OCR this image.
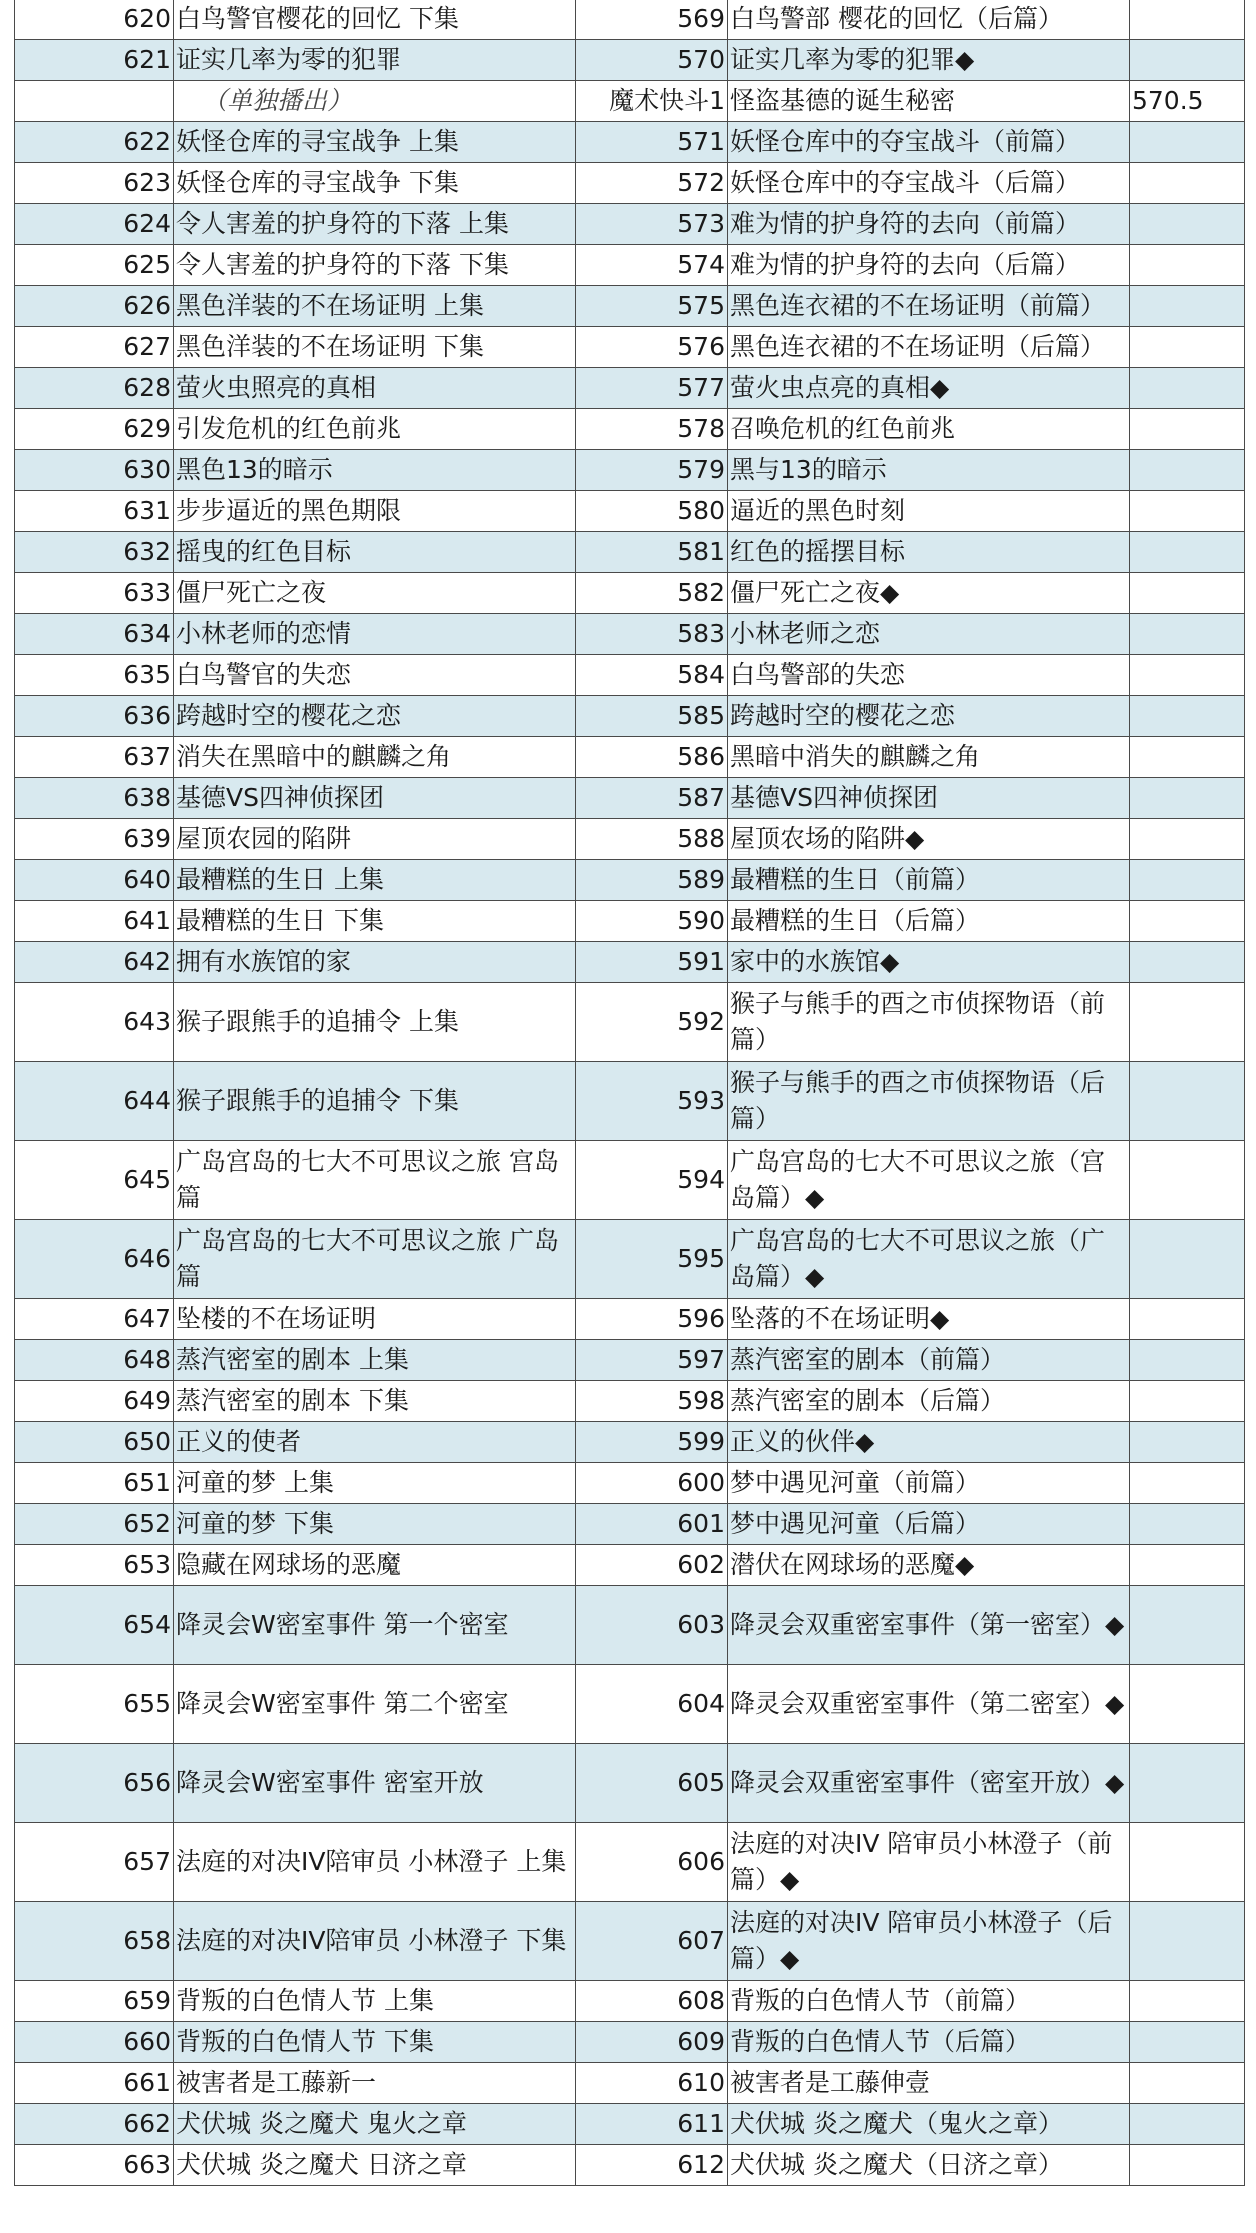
620	白鸟警官樱花的回忆 下集	569	白鸟警部 樱花的回忆（后篇）	
621	证实几率为零的犯罪	570	证实几率为零的犯罪◆	
	（单独播出）	魔术快斗1	怪盗基德的诞生秘密	570.5
622	妖怪仓库的寻宝战争 上集	571	妖怪仓库中的夺宝战斗（前篇）	
623	妖怪仓库的寻宝战争 下集	572	妖怪仓库中的夺宝战斗（后篇）	
624	令人害羞的护身符的下落 上集	573	难为情的护身符的去向（前篇）	
625	令人害羞的护身符的下落 下集	574	难为情的护身符的去向（后篇）	
626	黑色洋装的不在场证明 上集	575	黑色连衣裙的不在场证明（前篇）	
627	黑色洋装的不在场证明 下集	576	黑色连衣裙的不在场证明（后篇）	
628	萤火虫照亮的真相	577	萤火虫点亮的真相◆	
629	引发危机的红色前兆	578	召唤危机的红色前兆	
630	黑色13的暗示	579	黑与13的暗示	
631	步步逼近的黑色期限	580	逼近的黑色时刻	
632	摇曳的红色目标	581	红色的摇摆目标	
633	僵尸死亡之夜	582	僵尸死亡之夜◆	
634	小林老师的恋情	583	小林老师之恋	
635	白鸟警官的失恋	584	白鸟警部的失恋	
636	跨越时空的樱花之恋	585	跨越时空的樱花之恋	
637	消失在黑暗中的麒麟之角	586	黑暗中消失的麒麟之角	
638	基德VS四神侦探团	587	基德VS四神侦探团	
639	屋顶农园的陷阱	588	屋顶农场的陷阱◆	
640	最糟糕的生日 上集	589	最糟糕的生日（前篇）	
641	最糟糕的生日 下集	590	最糟糕的生日（后篇）	
642	拥有水族馆的家	591	家中的水族馆◆	
643	猴子跟熊手的追捕令 上集	592	猴子与熊手的酉之市侦探物语（前篇）	
644	猴子跟熊手的追捕令 下集	593	猴子与熊手的酉之市侦探物语（后篇）	
645	广岛宫岛的七大不可思议之旅 宫岛篇	594	广岛宫岛的七大不可思议之旅（宫岛篇）◆	
646	广岛宫岛的七大不可思议之旅 广岛篇	595	广岛宫岛的七大不可思议之旅（广岛篇）◆	
647	坠楼的不在场证明	596	坠落的不在场证明◆	
648	蒸汽密室的剧本 上集	597	蒸汽密室的剧本（前篇）	
649	蒸汽密室的剧本 下集	598	蒸汽密室的剧本（后篇）	
650	正义的使者	599	正义的伙伴◆	
651	河童的梦 上集	600	梦中遇见河童（前篇）	
652	河童的梦 下集	601	梦中遇见河童（后篇）	
653	隐藏在网球场的恶魔	602	潜伏在网球场的恶魔◆	
654	降灵会W密室事件 第一个密室	603	降灵会双重密室事件（第一密室）◆	
655	降灵会W密室事件 第二个密室	604	降灵会双重密室事件（第二密室）◆	
656	降灵会W密室事件 密室开放	605	降灵会双重密室事件（密室开放）◆	
657	法庭的对决IV陪审员 小林澄子 上集	606	法庭的对决IV 陪审员小林澄子（前篇）◆	
658	法庭的对决IV陪审员 小林澄子 下集	607	法庭的对决IV 陪审员小林澄子（后篇）◆	
659	背叛的白色情人节 上集	608	背叛的白色情人节（前篇）	
660	背叛的白色情人节 下集	609	背叛的白色情人节（后篇）	
661	被害者是工藤新一	610	被害者是工藤伸壹	
662	犬伏城 炎之魔犬 鬼火之章	611	犬伏城 炎之魔犬（鬼火之章）	
663	犬伏城 炎之魔犬 日济之章	612	犬伏城 炎之魔犬（日济之章）	
